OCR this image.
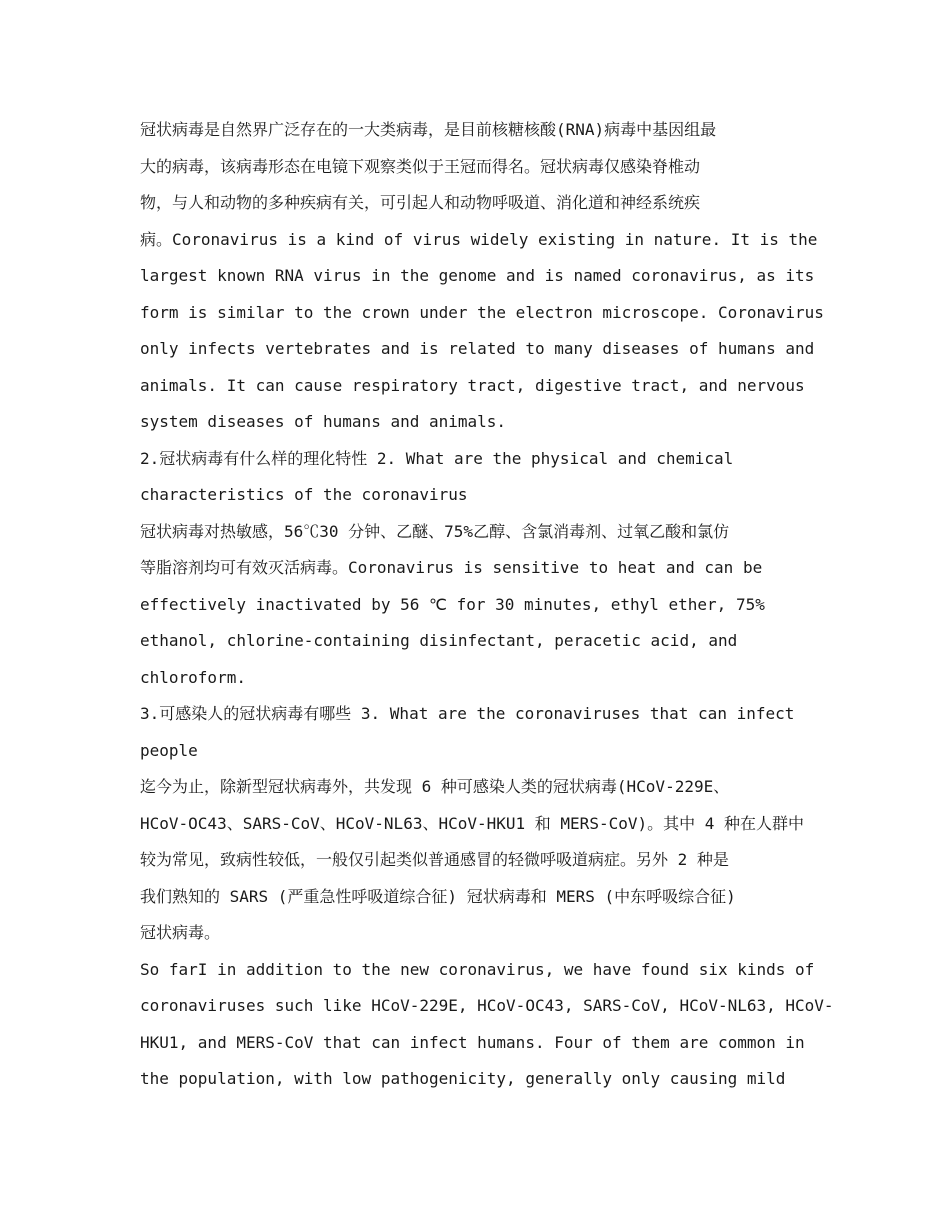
冠状病毒是自然界广泛存在的一大类病毒，是目前核糖核酸(RNA)病毒中基因组最
大的病毒，该病毒形态在电镜下观察类似于王冠而得名。冠状病毒仅感染脊椎动
物，与人和动物的多种疾病有关，可引起人和动物呼吸道、消化道和神经系统疾
病。Coronavirus is a kind of virus widely existing in nature. It is the
largest known RNA virus in the genome and is named coronavirus, as its
form is similar to the crown under the electron microscope. Coronavirus
only infects vertebrates and is related to many diseases of humans and
animals. It can cause respiratory tract, digestive tract, and nervous
system diseases of humans and animals.
2.冠状病毒有什么样的理化特性 2. What are the physical and chemical
characteristics of the coronavirus
冠状病毒对热敏感，56℃30 分钟、乙醚、75%乙醇、含氯消毒剂、过氧乙酸和氯仿
等脂溶剂均可有效灭活病毒。Coronavirus is sensitive to heat and can be
effectively inactivated by 56 ℃ for 30 minutes, ethyl ether, 75%
ethanol, chlorine-containing disinfectant, peracetic acid, and
chloroform.
3.可感染人的冠状病毒有哪些 3. What are the coronaviruses that can infect
people
迄今为止，除新型冠状病毒外，共发现 6 种可感染人类的冠状病毒(HCoV-229E、
HCoV-OC43、SARS-CoV、HCoV-NL63、HCoV-HKU1 和 MERS-CoV)。其中 4 种在人群中
较为常见，致病性较低，一般仅引起类似普通感冒的轻微呼吸道病症。另外 2 种是
我们熟知的 SARS (严重急性呼吸道综合征) 冠状病毒和 MERS (中东呼吸综合征)
冠状病毒。
So farI in addition to the new coronavirus, we have found six kinds of
coronaviruses such like HCoV-229E, HCoV-OC43, SARS-CoV, HCoV-NL63, HCoV-
HKU1, and MERS-CoV that can infect humans. Four of them are common in
the population, with low pathogenicity, generally only causing mild
